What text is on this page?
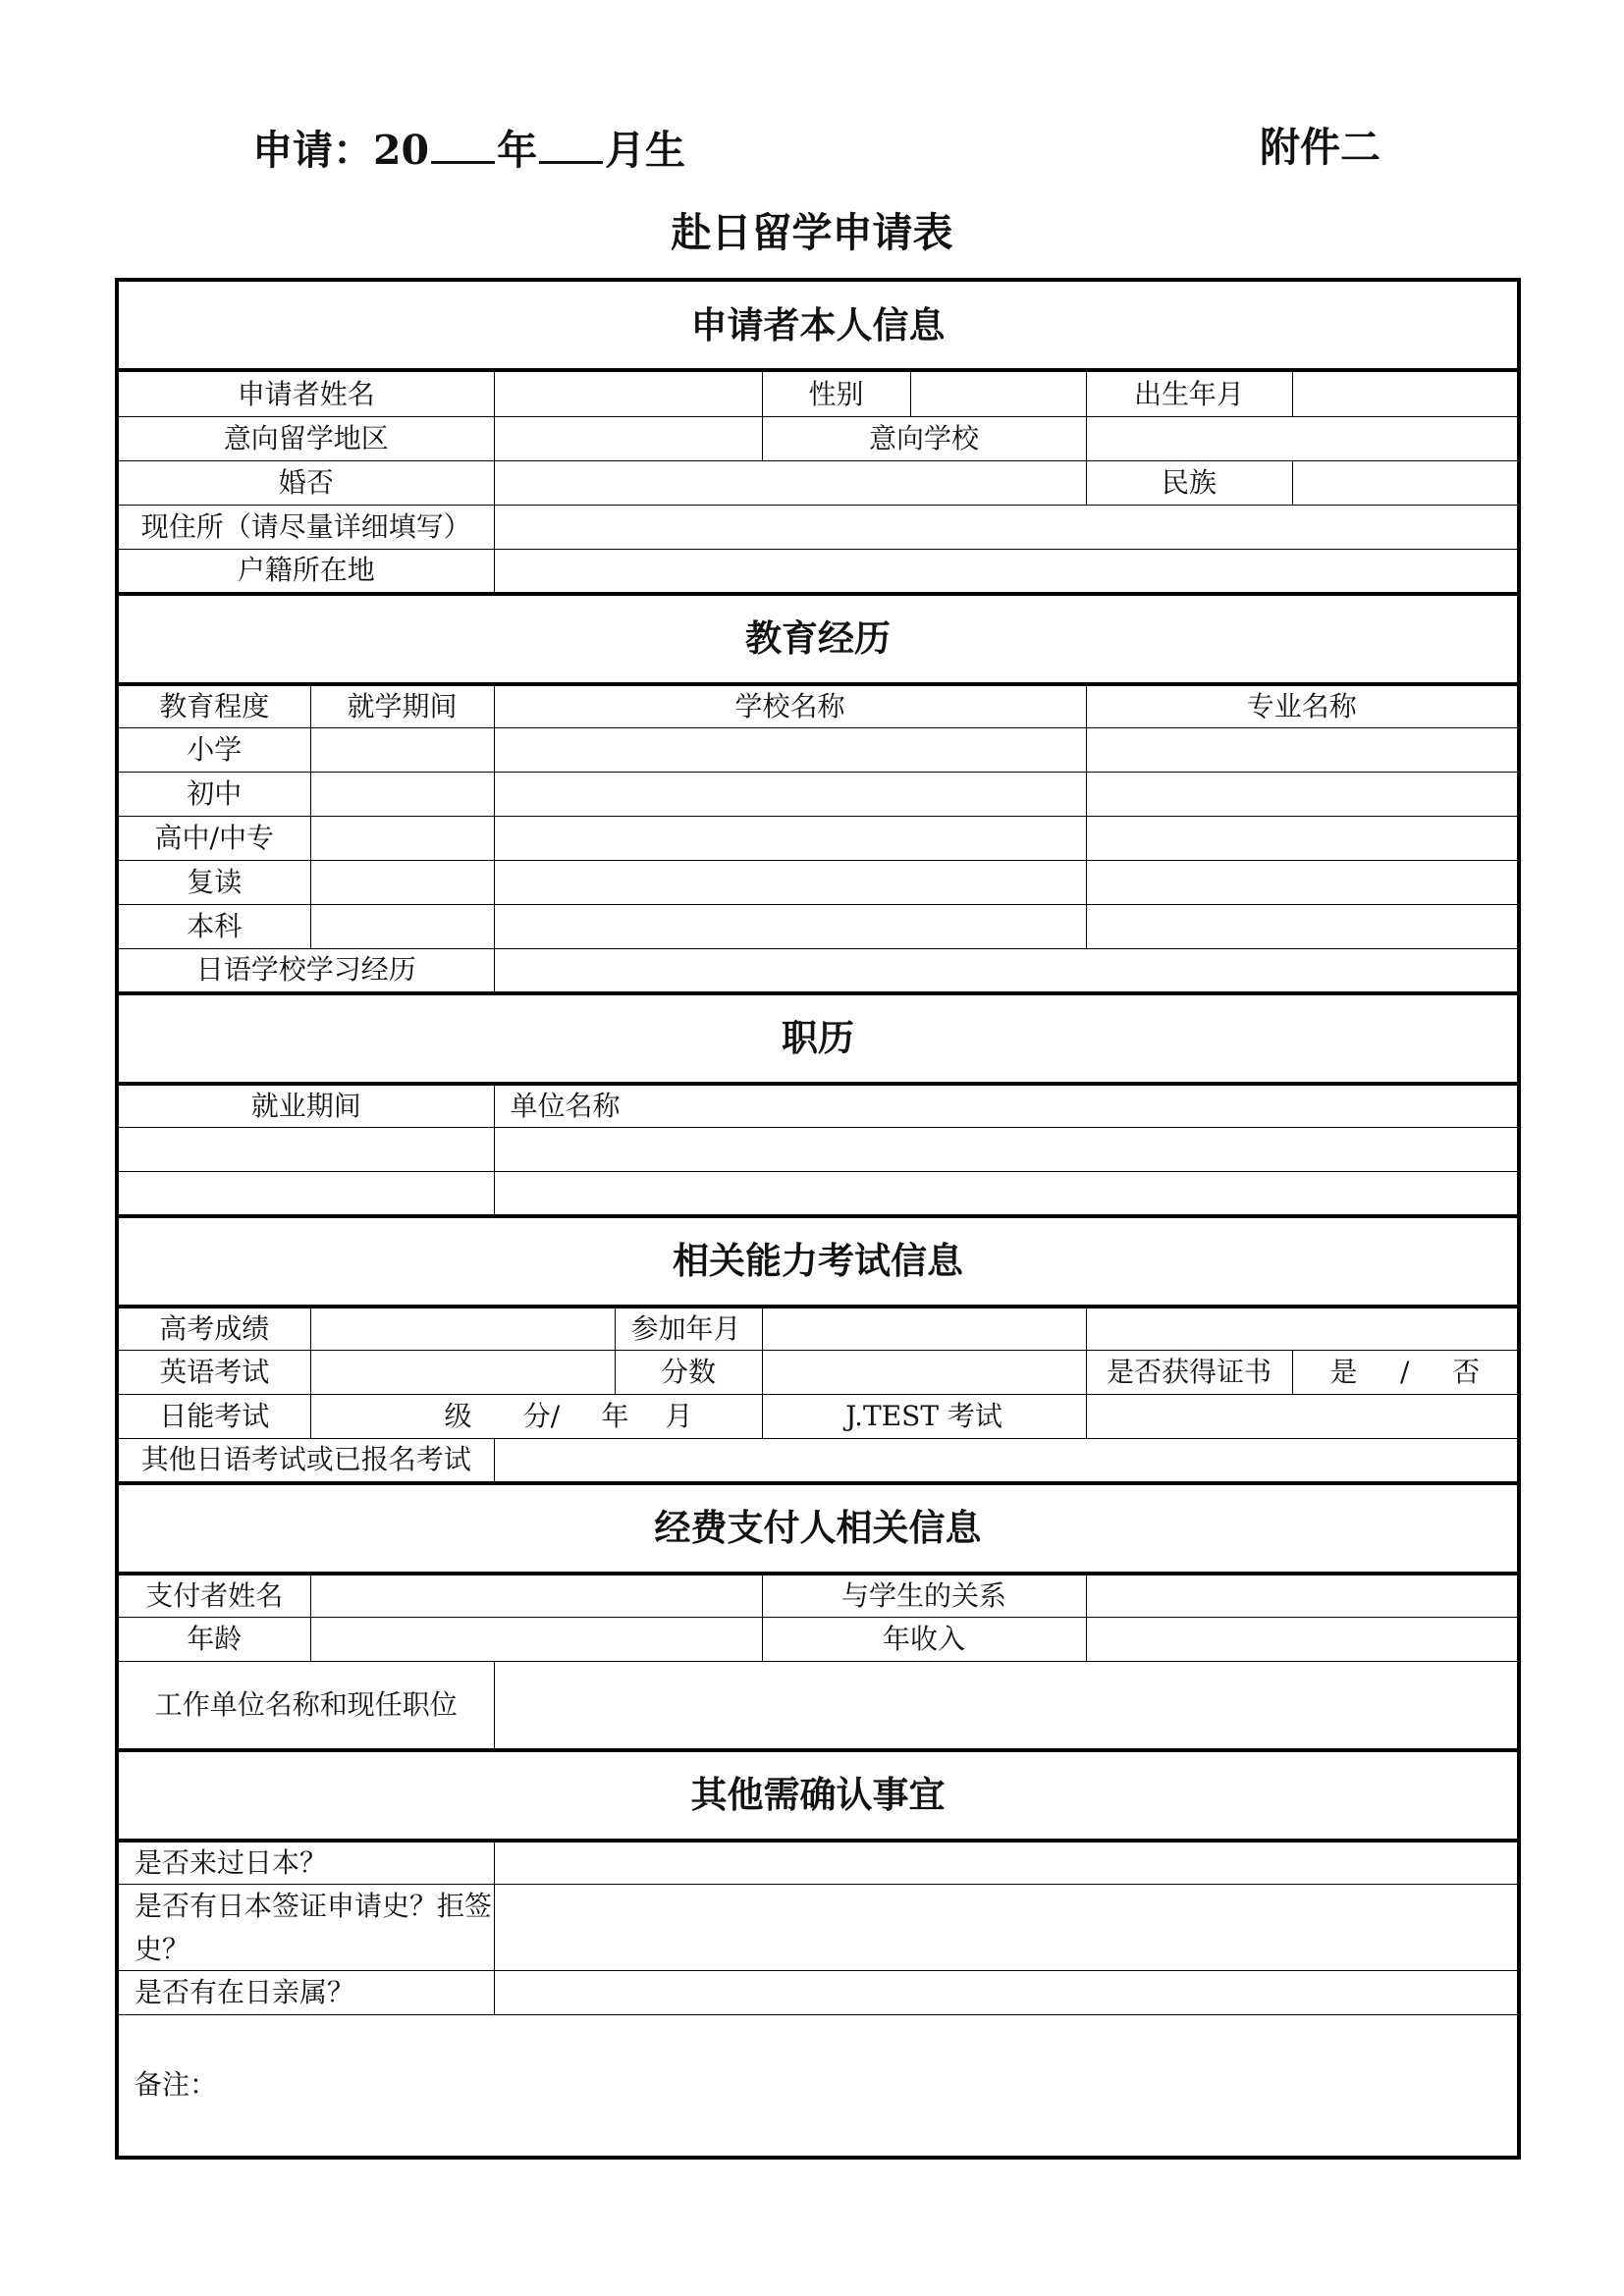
申请：20 年 月生	附件二
赴日留学申请表
申请者本人信息						
申请者姓名				性别	出生年月	
意向留学地区				意向学校		
婚否					民族	
现住所（请尽量详细填写）						
户籍所在地						
教育经历						
教育程度	就学期间	学校名称			专业名称	
小学						
初中						
高中/中专						
复读						
本科						
日语学校学习经历						
职历						
就业期间		单位名称				

相关能力考试信息						
高考成绩			参加年月			
英语考试			分数		是否获得证书	是 / 否

日能考试	级 分/ 年 月			J.TEST 考试		
其他日语考试或已报名考试						
经费支付人相关信息						
支付者姓名				与学生的关系		
年龄				年收入		
工作单位名称和现任职位						
其他需确认事宜						
是否来过日本？						
是否有日本签证申请史？拒签史？						
是否有在日亲属？						
备注：						
